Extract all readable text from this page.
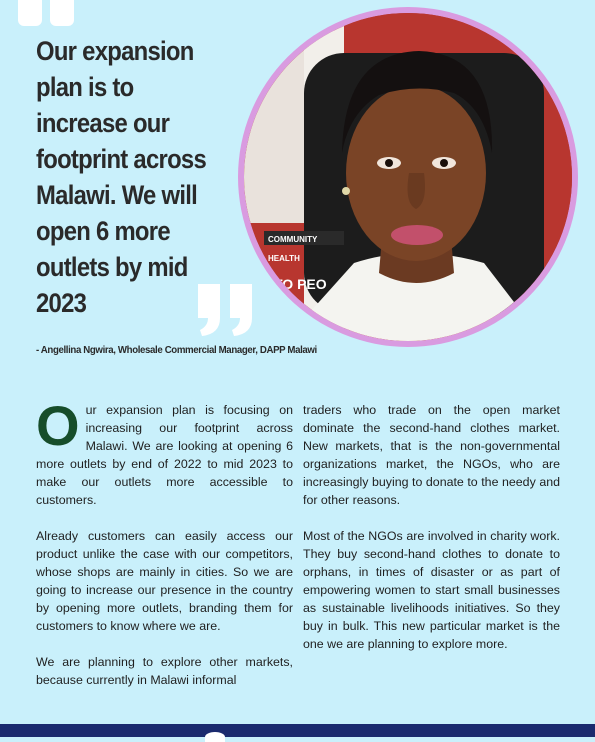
Our expansion
plan is to
increase our
footprint across
Malawi. We will
open 6 more
outlets by mid
2023
COMMUNITY
HEALTH
TO PEO
- Angellina Ngwira, Wholesale Commercial Manager, DAPP Malawi

Our expansion plan is focusing on increasing our footprint across Malawi. We are looking at opening 6 more outlets by end of 2022 to mid 2023 to make our outlets more accessible to customers.

Already customers can easily access our product unlike the case with our competitors, whose shops are mainly in cities. So we are going to increase our presence in the country by opening more outlets, branding them for customers to know where we are.

We are planning to explore other markets, because currently in Malawi informal

traders who trade on the open market dominate the second-hand clothes market. New markets, that is the non-governmental organizations market, the NGOs, who are increasingly buying to donate to the needy and for other reasons.

Most of the NGOs are involved in charity work. They buy second-hand clothes to donate to orphans, in times of disaster or as part of empowering women to start small businesses as sustainable livelihoods initiatives. So they buy in bulk. This new particular market is the one we are planning to explore more.
